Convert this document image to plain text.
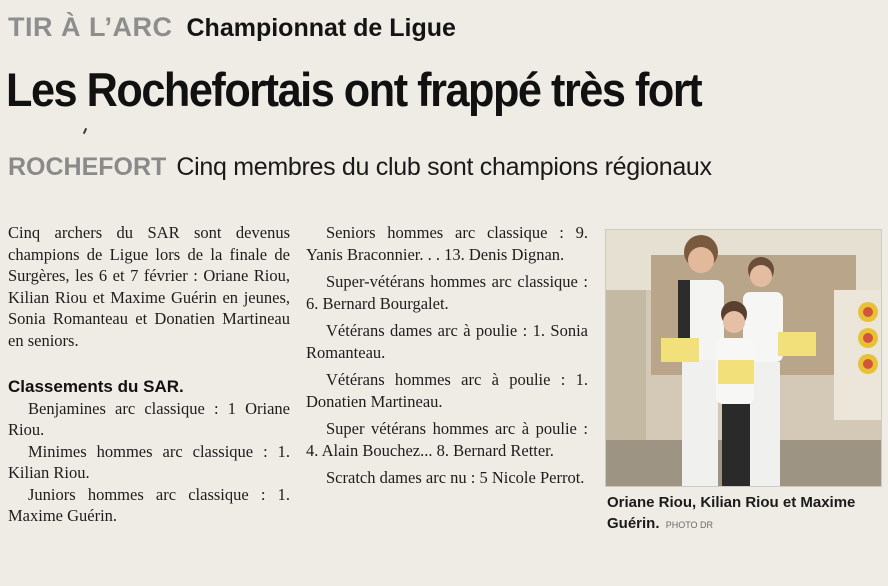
TIR À L’ARC Championnat de Ligue
Les Rochefortais ont frappé très fort
ROCHEFORT Cinq membres du club sont champions régionaux

Cinq archers du SAR sont devenus champions de Ligue lors de la finale de Surgères, les 6 et 7 février : Oriane Riou, Kilian Riou et Maxime Guérin en jeunes, Sonia Romanteau et Donatien Martineau en seniors.

Classements du SAR.

Benjamines arc classique : 1 Oriane Riou.

Minimes hommes arc classique : 1. Kilian Riou.

Juniors hommes arc classique : 1. Maxime Guérin.

Seniors hommes arc classique : 9. Yanis Braconnier. . . 13. Denis Dignan.

Super-vétérans hommes arc classique : 6. Bernard Bourgalet.

Vétérans dames arc à poulie : 1. Sonia Romanteau.

Vétérans hommes arc à poulie : 1. Donatien Martineau.

Super vétérans hommes arc à poulie : 4. Alain Bouchez... 8. Bernard Retter.

Scratch dames arc nu : 5 Nicole Perrot.

Oriane Riou, Kilian Riou et Maxime Guérin. PHOTO DR
